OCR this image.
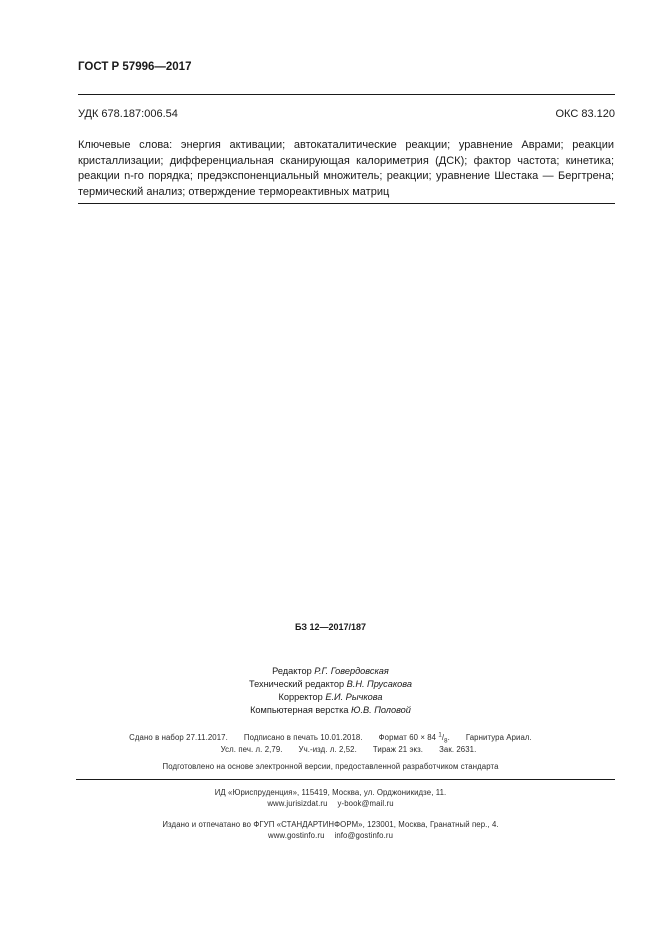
ГОСТ Р 57996—2017
УДК 678.187:006.54	ОКС 83.120
Ключевые слова: энергия активации; автокаталитические реакции; уравнение Аврами; реакции кристаллизации; дифференциальная сканирующая калориметрия (ДСК); фактор частота; кинетика; реакции n-го порядка; предэкспоненциальный множитель; реакции; уравнение Шестака — Бергтрена; термический анализ; отверждение термореактивных матриц
БЗ 12—2017/187
Редактор Р.Г. Говердовская
Технический редактор В.Н. Прусакова
Корректор Е.И. Рычкова
Компьютерная верстка Ю.В. Половой
Сдано в набор 27.11.2017. Подписано в печать 10.01.2018. Формат 60 × 84 $^1/_8$. Гарнитура Ариал.
Усл. печ. л. 2,79. Уч.-изд. л. 2,52. Тираж 21 экз. Зак. 2631.
Подготовлено на основе электронной версии, предоставленной разработчиком стандарта
ИД «Юриспруденция», 115419, Москва, ул. Орджоникидзе, 11.
www.jurisizdat.ru y-book@mail.ru
Издано и отпечатано во ФГУП «СТАНДАРТИНФОРМ», 123001, Москва, Гранатный пер., 4.
www.gostinfo.ru info@gostinfo.ru
